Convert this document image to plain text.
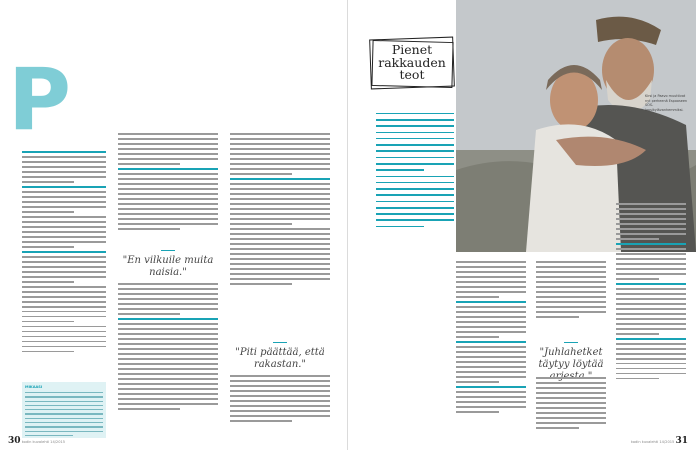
P
MIKAASI
"En vilkuile muita naisia."
"Piti päättää, että rakastan."
30 kodin kuvalehti 14/2015
Kirsi ja Paavo muuttivat nyt perheenä Espooseen SOS-lapsikylävanhemmiksi.
Pienet
rakkauden
teot
"Juhlahetket täytyy löytää
kodin kuvalehti 14/2015 31
